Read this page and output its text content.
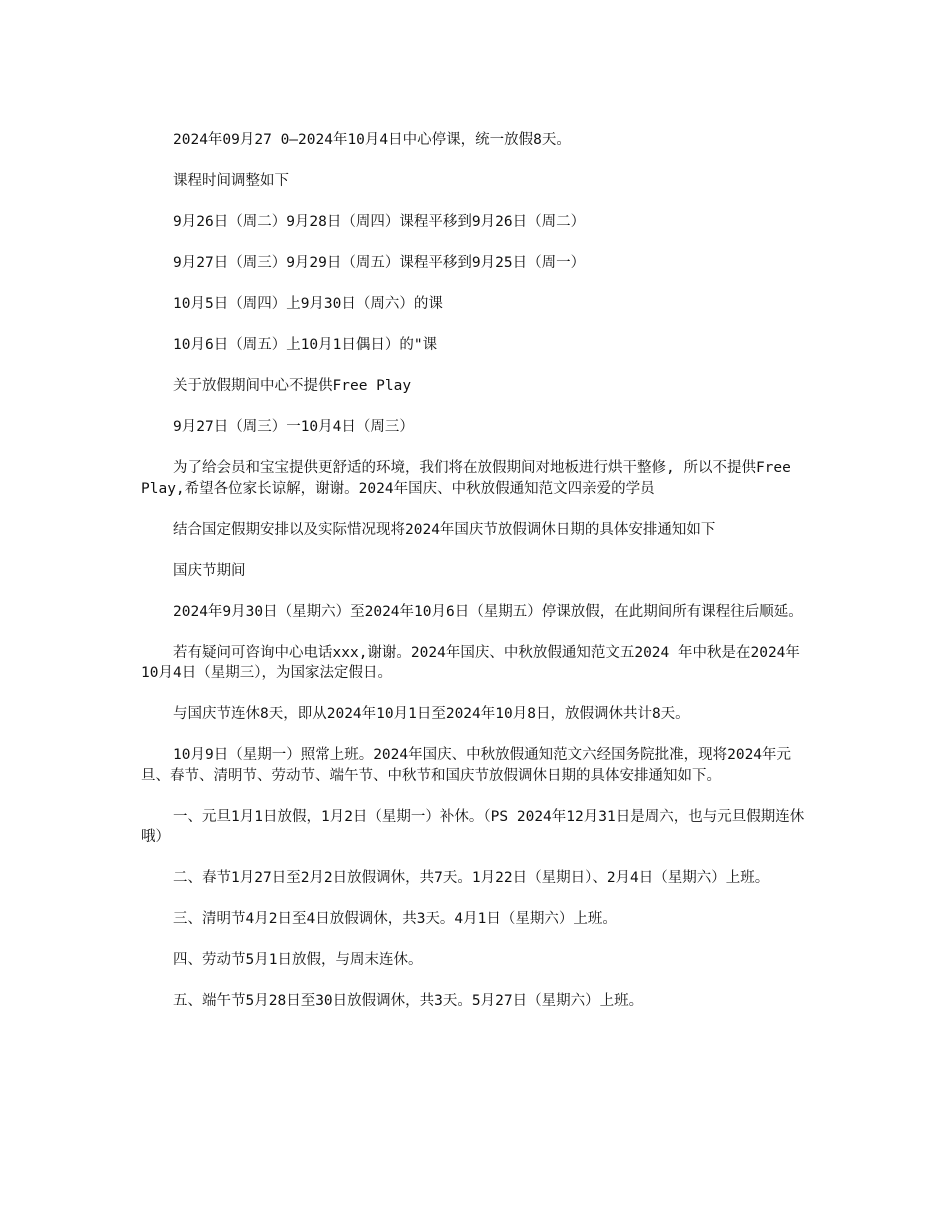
2024年09月27 0—2024年10月4日中心停课，统一放假8天。

课程时间调整如下

9月26日（周二）9月28日（周四）课程平移到9月26日（周二）

9月27日（周三）9月29日（周五）课程平移到9月25日（周一）

10月5日（周四）上9月30日（周六）的课

10月6日（周五）上10月1日偶日）的"课

关于放假期间中心不提供Free Play

9月27日（周三）一10月4日（周三）

为了给会员和宝宝提供更舒适的环境，我们将在放假期间对地板进行烘干整修, 所以不提供Free Play,希望各位家长谅解，谢谢。2024年国庆、中秋放假通知范文四亲爱的学员

结合国定假期安排以及实际惜况现将2024年国庆节放假调休日期的具体安排通知如下

国庆节期间

2024年9月30日（星期六）至2024年10月6日（星期五）停课放假，在此期间所有课程往后顺延。

若有疑问可咨询中心电话xxx,谢谢。2024年国庆、中秋放假通知范文五2024 年中秋是在2024年10月4日（星期三），为国家法定假日。

与国庆节连休8天，即从2024年10月1日至2024年10月8日，放假调休共计8天。

10月9日（星期一）照常上班。2024年国庆、中秋放假通知范文六经国务院批准，现将2024年元旦、春节、清明节、劳动节、端午节、中秋节和国庆节放假调休日期的具体安排通知如下。

一、元旦1月1日放假，1月2日（星期一）补休。（PS 2024年12月31日是周六，也与元旦假期连休哦）

二、春节1月27日至2月2日放假调休，共7天。1月22日（星期日）、2月4日（星期六）上班。

三、清明节4月2日至4日放假调休，共3天。4月1日（星期六）上班。

四、劳动节5月1日放假，与周末连休。

五、端午节5月28日至30日放假调休，共3天。5月27日（星期六）上班。
